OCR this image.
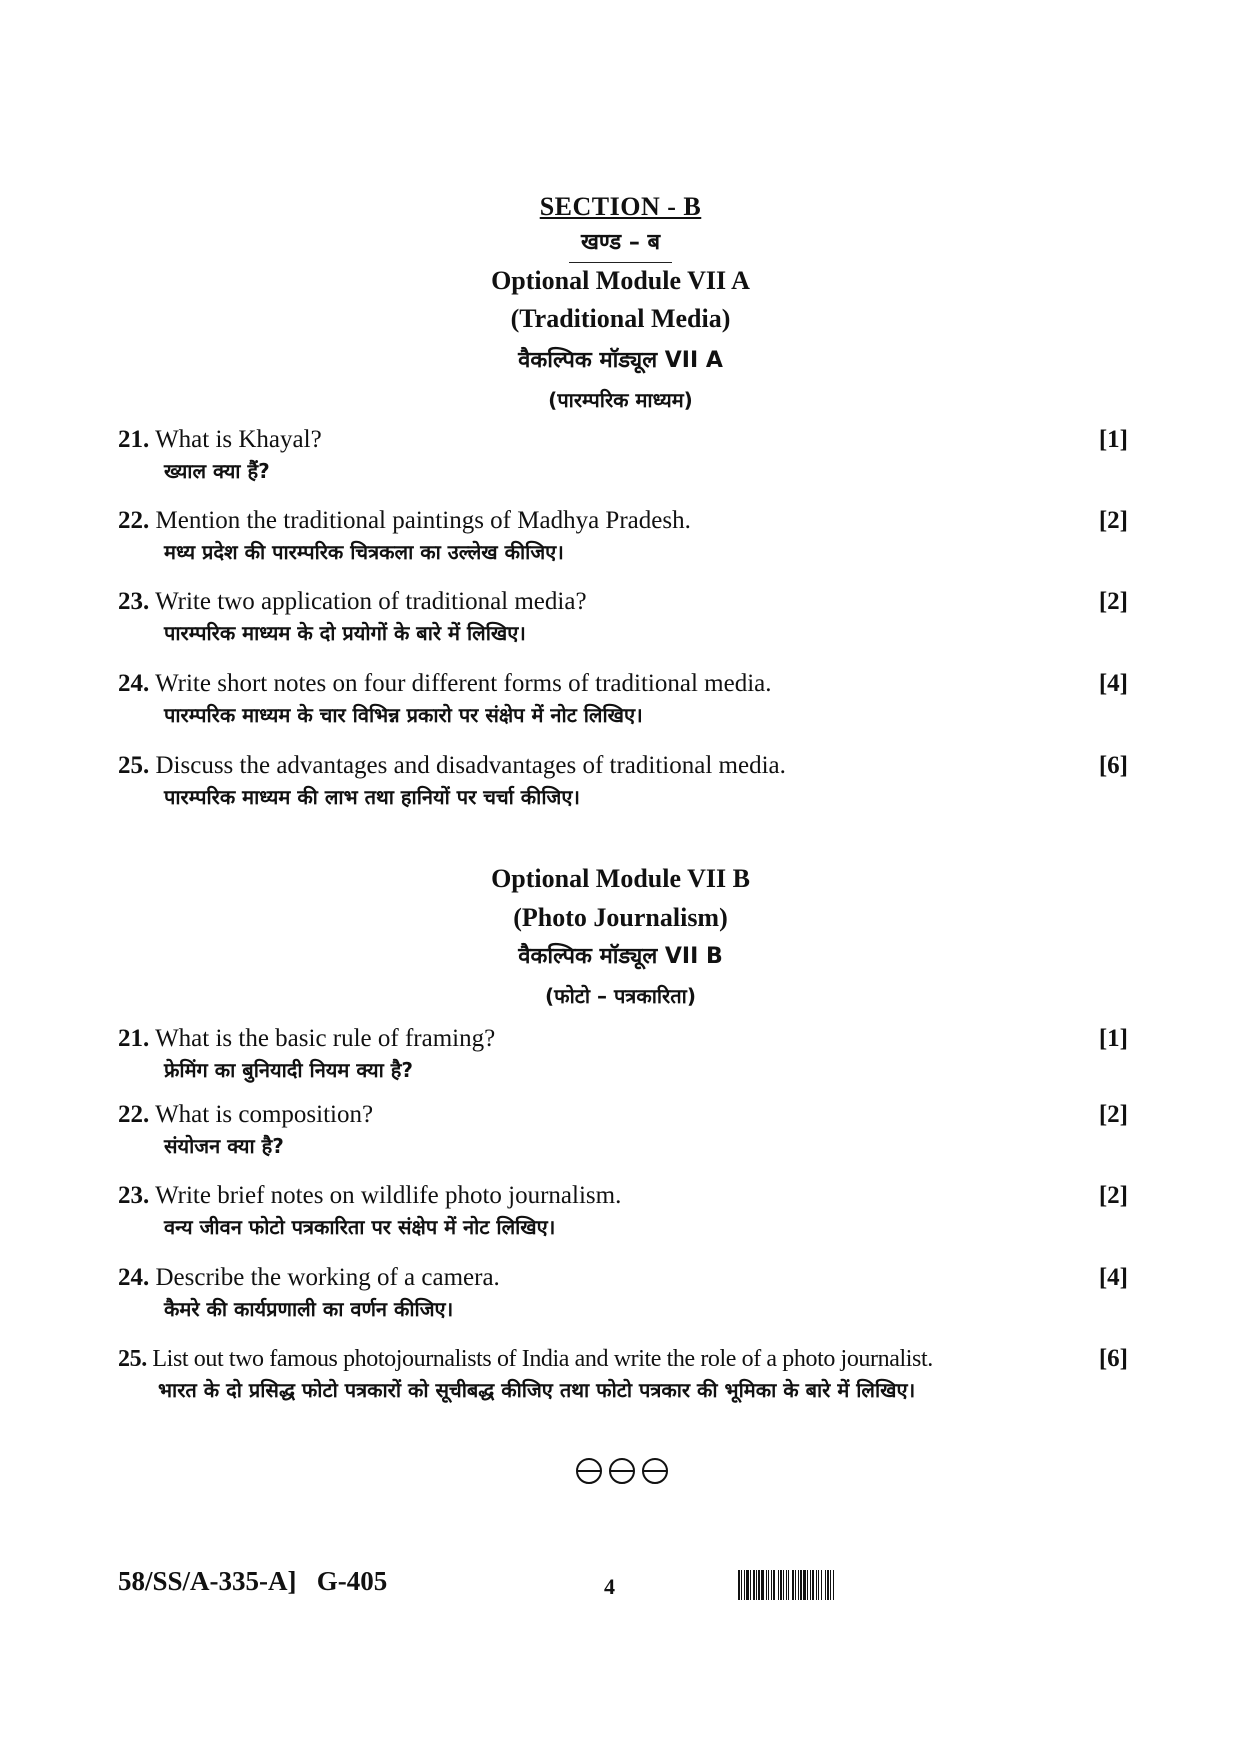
SECTION - B
खण्ड – ब
Optional Module VII A
(Traditional Media)
वैकल्पिक मॉड्यूल VII A
(पारम्परिक माध्यम)
21. What is Khayal?	[1]
ख्याल क्या हैं?
22. Mention the traditional paintings of Madhya Pradesh.	[2]
मध्य प्रदेश की पारम्परिक चित्रकला का उल्लेख कीजिए।
23. Write two application of traditional media?	[2]
पारम्परिक माध्यम के दो प्रयोगों के बारे में लिखिए।
24. Write short notes on four different forms of traditional media.	[4]
पारम्परिक माध्यम के चार विभिन्न प्रकारो पर संक्षेप में नोट लिखिए।
25. Discuss the advantages and disadvantages of traditional media.	[6]
पारम्परिक माध्यम की लाभ तथा हानियों पर चर्चा कीजिए।
Optional Module VII B
(Photo Journalism)
वैकल्पिक मॉड्यूल VII B
(फोटो – पत्रकारिता)
21. What is the basic rule of framing?	[1]
फ्रेमिंग का बुनियादी नियम क्या है?
22. What is composition?	[2]
संयोजन क्या है?
23. Write brief notes on wildlife photo journalism.	[2]
वन्य जीवन फोटो पत्रकारिता पर संक्षेप में नोट लिखिए।
24. Describe the working of a camera.	[4]
कैमरे की कार्यप्रणाली का वर्णन कीजिए।
25. List out two famous photojournalists of India and write the role of a photo journalist.	[6]
भारत के दो प्रसिद्ध फोटो पत्रकारों को सूचीबद्ध कीजिए तथा फोटो पत्रकार की भूमिका के बारे में लिखिए।
58/SS/A-335-A]   G-405	4
